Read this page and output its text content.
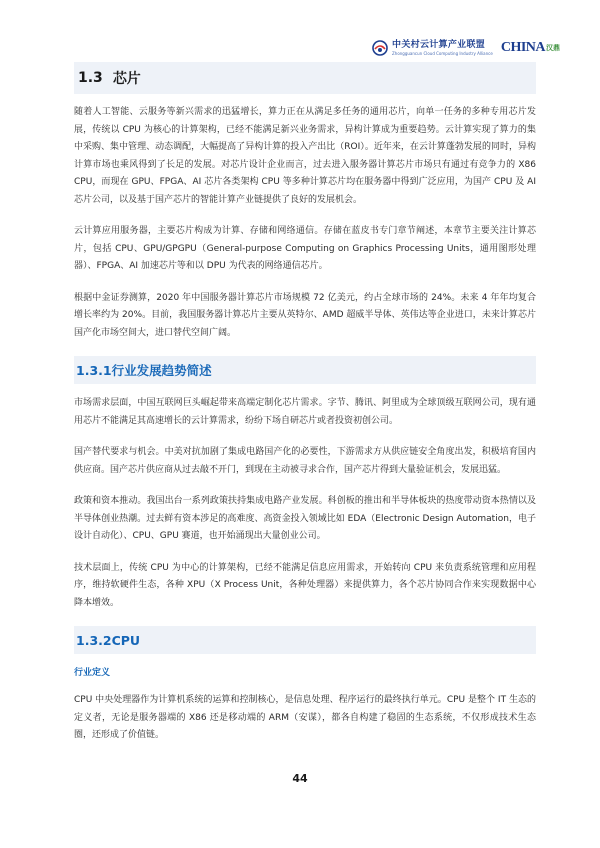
中关村云计算产业联盟
Zhongguancun Cloud Computing Industry Alliance CHINA 汉鼎
1.3 芯片

随着人工智能、云服务等新兴需求的迅猛增长，算力正在从满足多任务的通用芯片，向单一任务的多种专用芯片发展，传统以 CPU 为核心的计算架构，已经不能满足新兴业务需求，异构计算成为重要趋势。云计算实现了算力的集中采购、集中管理、动态调配，大幅提高了异构计算的投入产出比（ROI）。近年来，在云计算蓬勃发展的同时，异构计算市场也乘风得到了长足的发展。对芯片设计企业而言，过去进入服务器计算芯片市场只有通过有竞争力的 X86 CPU，而现在 GPU、FPGA、AI 芯片各类架构 CPU 等多种计算芯片均在服务器中得到广泛应用，为国产 CPU 及 AI 芯片公司，以及基于国产芯片的智能计算产业链提供了良好的发展机会。

云计算应用服务器，主要芯片构成为计算、存储和网络通信。存储在蓝皮书专门章节阐述，本章节主要关注计算芯片，包括 CPU、GPU/GPGPU（General-purpose Computing on Graphics Processing Units，通用图形处理器）、FPGA、AI 加速芯片等和以 DPU 为代表的网络通信芯片。

根据中金证券测算，2020 年中国服务器计算芯片市场规模 72 亿美元，约占全球市场的 24%。未来 4 年年均复合增长率约为 20%。目前，我国服务器计算芯片主要从英特尔、AMD 超威半导体、英伟达等企业进口，未来计算芯片国产化市场空间大，进口替代空间广阔。

1.3.1 行业发展趋势简述

市场需求层面，中国互联网巨头崛起带来高端定制化芯片需求。字节、腾讯、阿里成为全球顶级互联网公司，现有通用芯片不能满足其高速增长的云计算需求，纷纷下场自研芯片或者投资初创公司。

国产替代要求与机会。中美对抗加剧了集成电路国产化的必要性，下游需求方从供应链安全角度出发，积极培育国内供应商。国产芯片供应商从过去敲不开门，到现在主动被寻求合作，国产芯片得到大量验证机会，发展迅猛。

政策和资本推动。我国出台一系列政策扶持集成电路产业发展。科创板的推出和半导体板块的热度带动资本热情以及半导体创业热潮。过去鲜有资本涉足的高难度、高资金投入领域比如 EDA（Electronic Design Automation，电子设计自动化）、CPU、GPU 赛道，也开始涌现出大量创业公司。

技术层面上，传统 CPU 为中心的计算架构，已经不能满足信息应用需求，开始转向 CPU 来负责系统管理和应用程序，维持软硬件生态，各种 XPU（X Process Unit，各种处理器）来提供算力，各个芯片协同合作来实现数据中心降本增效。

1.3.2 CPU
行业定义

CPU 中央处理器作为计算机系统的运算和控制核心，是信息处理、程序运行的最终执行单元。CPU 是整个 IT 生态的定义者，无论是服务器端的 X86 还是移动端的 ARM（安谋），都各自构建了稳固的生态系统，不仅形成技术生态圈，还形成了价值链。

44
